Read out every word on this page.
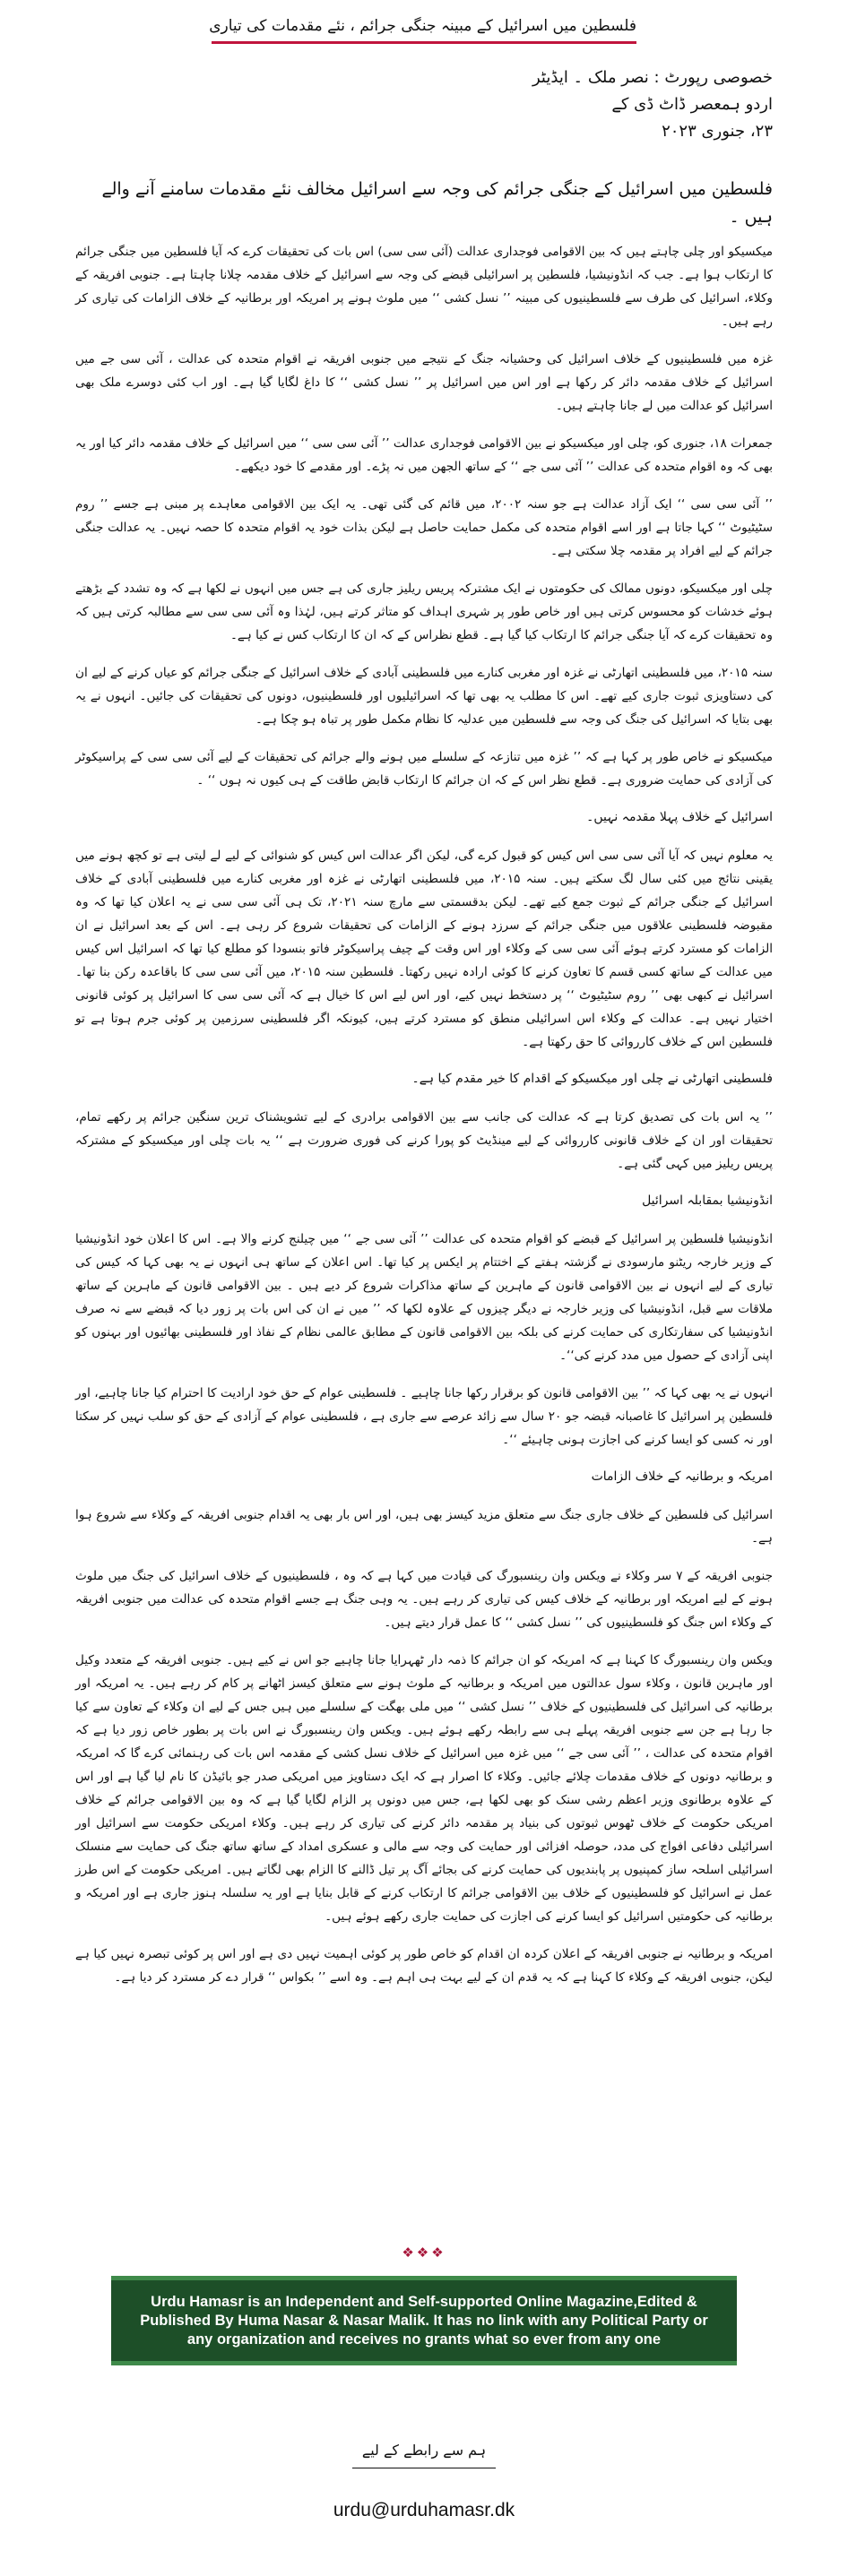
فلسطین میں اسرائیل کے مبینہ جنگی جرائم ، نئے مقدمات کی تیاری
خصوصی رپورٹ : نصر ملک ۔ ایڈیٹر
اردو ہمعصر ڈاٹ ڈی کے
۲۳، جنوری ۲۰۲۳
فلسطین میں اسرائیل کے جنگی جرائم کی وجہ سے اسرائیل مخالف نئے مقدمات سامنے آنے والے ہیں ۔

میکسیکو اور چلی چاہتے ہیں کہ بین الاقوامی فوجداری عدالت (آئی سی سی) اس بات کی تحقیقات کرے کہ آیا فلسطین میں جنگی جرائم کا ارتکاب ہوا ہے۔ جب کہ انڈونیشیا، فلسطین پر اسرائیلی قبضے کی وجہ سے اسرائیل کے خلاف مقدمہ چلانا چاہتا ہے۔ جنوبی افریقہ کے وکلاء، اسرائیل کی طرف سے فلسطینیوں کی مبینہ ’’ نسل کشی ‘‘ میں ملوث ہونے پر امریکہ اور برطانیہ کے خلاف الزامات کی تیاری کر رہے ہیں۔

غزہ میں فلسطینیوں کے خلاف اسرائیل کی وحشیانہ جنگ کے نتیجے میں جنوبی افریقہ نے اقوام متحدہ کی عدالت ، آئی سی جے میں اسرائیل کے خلاف مقدمہ دائر کر رکھا ہے اور اس میں اسرائیل پر ’’ نسل کشی ‘‘ کا داغ لگایا گیا ہے۔ اور اب کئی دوسرے ملک بھی اسرائیل کو عدالت میں لے جانا چاہتے ہیں۔

جمعرات ۱۸، جنوری کو، چلی اور میکسیکو نے بین الاقوامی فوجداری عدالت ’’ آئی سی سی ‘‘ میں اسرائیل کے خلاف مقدمہ دائر کیا اور یہ بھی کہ وہ اقوام متحدہ کی عدالت ’’ آئی سی جے ‘‘ کے ساتھ الجھن میں نہ پڑے۔ اور مقدمے کا خود دیکھے۔

’’ آئی سی سی ‘‘ ایک آزاد عدالت ہے جو سنہ ۲۰۰۲، میں قائم کی گئی تھی۔ یہ ایک بین الاقوامی معاہدے پر مبنی ہے جسے ’’ روم سٹیٹیوٹ ‘‘ کہا جاتا ہے اور اسے اقوام متحدہ کی مکمل حمایت حاصل ہے لیکن بذات خود یہ اقوام متحدہ کا حصہ نہیں۔ یہ عدالت جنگی جرائم کے لیے افراد پر مقدمہ چلا سکتی ہے۔

چلی اور میکسیکو، دونوں ممالک کی حکومتوں نے ایک مشترکہ پریس ریلیز جاری کی ہے جس میں انہوں نے لکھا ہے کہ وہ تشدد کے بڑھتے ہوئے خدشات کو محسوس کرتی ہیں اور خاص طور پر شہری اہداف کو متاثر کرتے ہیں، لہٰذا وہ آئی سی سی سے مطالبہ کرتی ہیں کہ وہ تحقیقات کرے کہ آیا جنگی جرائم کا ارتکاب کیا گیا ہے۔ قطع نظراس کے کہ ان کا ارتکاب کس نے کیا ہے۔

سنہ ۲۰۱۵، میں فلسطینی اتھارٹی نے غزہ اور مغربی کنارے میں فلسطینی آبادی کے خلاف اسرائیل کے جنگی جرائم کو عیاں کرنے کے لیے ان کی دستاویزی ثبوت جاری کیے تھے۔ اس کا مطلب یہ بھی تھا کہ اسرائیلیوں اور فلسطینیوں، دونوں کی تحقیقات کی جائیں۔ انہوں نے یہ بھی بتایا کہ اسرائیل کی جنگ کی وجہ سے فلسطین میں عدلیہ کا نظام مکمل طور پر تباہ ہو چکا ہے۔

میکسیکو نے خاص طور پر کہا ہے کہ ’’ غزہ میں تنازعہ کے سلسلے میں ہونے والے جرائم کی تحقیقات کے لیے آئی سی سی کے پراسیکوٹر کی آزادی کی حمایت ضروری ہے۔ قطع نظر اس کے کہ ان جرائم کا ارتکاب قابض طاقت کے ہی کیوں نہ ہوں ‘‘ ۔

اسرائیل کے خلاف پہلا مقدمہ نہیں۔

یہ معلوم نہیں کہ آیا آئی سی سی اس کیس کو قبول کرے گی، لیکن اگر عدالت اس کیس کو شنوائی کے لیے لے لیتی ہے تو کچھ ہونے میں یقینی نتائج میں کئی سال لگ سکتے ہیں۔ سنہ ۲۰۱۵، میں فلسطینی اتھارٹی نے غزہ اور مغربی کنارے میں فلسطینی آبادی کے خلاف اسرائیل کے جنگی جرائم کے ثبوت جمع کیے تھے۔ لیکن بدقسمتی سے مارچ سنہ ۲۰۲۱، تک ہی آئی سی سی نے یہ اعلان کیا تھا کہ وہ مقبوضہ فلسطینی علاقوں میں جنگی جرائم کے سرزد ہونے کے الزامات کی تحقیقات شروع کر رہی ہے۔ اس کے بعد اسرائیل نے ان الزامات کو مسترد کرتے ہوئے آئی سی سی کے وکلاء اور اس وقت کے چیف پراسیکوٹر فاتو بنسودا کو مطلع کیا تھا کہ اسرائیل اس کیس میں عدالت کے ساتھ کسی قسم کا تعاون کرنے کا کوئی ارادہ نہیں رکھتا۔ فلسطین سنہ ۲۰۱۵، میں آئی سی سی کا باقاعدہ رکن بنا تھا۔ اسرائیل نے کبھی بھی ’’ روم سٹیٹیوٹ ‘‘ پر دستخط نہیں کیے، اور اس لیے اس کا خیال ہے کہ آئی سی سی کا اسرائیل پر کوئی قانونی اختیار نہیں ہے۔ عدالت کے وکلاء اس اسرائیلی منطق کو مسترد کرتے ہیں، کیونکہ اگر فلسطینی سرزمین پر کوئی جرم ہوتا ہے تو فلسطین اس کے خلاف کارروائی کا حق رکھتا ہے۔

فلسطینی اتھارٹی نے چلی اور میکسیکو کے اقدام کا خیر مقدم کیا ہے۔

’’ یہ اس بات کی تصدیق کرتا ہے کہ عدالت کی جانب سے بین الاقوامی برادری کے لیے تشویشناک ترین سنگین جرائم پر رکھے تمام، تحقیقات اور ان کے خلاف قانونی کارروائی کے لیے مینڈیٹ کو پورا کرنے کی فوری ضرورت ہے ‘‘ یہ بات چلی اور میکسیکو کے مشترکہ پریس ریلیز میں کہی گئی ہے۔

انڈونیشیا بمقابلہ اسرائیل

انڈونیشیا فلسطین پر اسرائیل کے قبضے کو اقوام متحدہ کی عدالت ’’ آئی سی جے ‘‘ میں چیلنج کرنے والا ہے۔ اس کا اعلان خود انڈونیشیا کے وزیر خارجہ ریٹنو مارسودی نے گزشتہ ہفتے کے اختتام پر ایکس پر کیا تھا۔ اس اعلان کے ساتھ ہی انہوں نے یہ بھی کہا کہ کیس کی تیاری کے لیے انہوں نے بین الاقوامی قانون کے ماہرین کے ساتھ مذاکرات شروع کر دیے ہیں ۔ بین الاقوامی قانون کے ماہرین کے ساتھ ملاقات سے قبل، انڈونیشیا کی وزیر خارجہ نے دیگر چیزوں کے علاوہ لکھا کہ ’’ میں نے ان کی اس بات پر زور دیا کہ قبضے سے نہ صرف انڈونیشیا کی سفارتکاری کی حمایت کرنے کی بلکہ بین الاقوامی قانون کے مطابق عالمی نظام کے نفاذ اور فلسطینی بھائیوں اور بہنوں کو اپنی آزادی کے حصول میں مدد کرنے کی‘‘۔

انہوں نے یہ بھی کہا کہ ’’ بین الاقوامی قانون کو برقرار رکھا جانا چاہیے ۔ فلسطینی عوام کے حق خود ارادیت کا احترام کیا جانا چاہیے، اور فلسطین پر اسرائیل کا غاصبانہ قبضہ جو ۲۰ سال سے زائد عرصے سے جاری ہے ، فلسطینی عوام کے آزادی کے حق کو سلب نہیں کر سکتا اور نہ کسی کو ایسا کرنے کی اجازت ہونی چاہیئے ‘‘۔

امریکہ و برطانیہ کے خلاف الزامات

اسرائیل کی فلسطین کے خلاف جاری جنگ سے متعلق مزید کیسز بھی ہیں، اور اس بار بھی یہ اقدام جنوبی افریقہ کے وکلاء سے شروع ہوا ہے۔

جنوبی افریقہ کے ۷ سر وکلاء نے ویکس وان رینسبورگ کی قیادت میں کہا ہے کہ وہ ، فلسطینیوں کے خلاف اسرائیل کی جنگ میں ملوث ہونے کے لیے امریکہ اور برطانیہ کے خلاف کیس کی تیاری کر رہے ہیں۔ یہ وہی جنگ ہے جسے اقوام متحدہ کی عدالت میں جنوبی افریقہ کے وکلاء اس جنگ کو فلسطینیوں کی ’’ نسل کشی ‘‘ کا عمل قرار دیتے ہیں۔

ویکس وان رینسبورگ کا کہنا ہے کہ امریکہ کو ان جرائم کا ذمہ دار ٹھہرایا جانا چاہیے جو اس نے کیے ہیں۔ جنوبی افریقہ کے متعدد وکیل اور ماہرین قانون ، وکلاء سول عدالتوں میں امریکہ و برطانیہ کے ملوث ہونے سے متعلق کیسز اٹھانے پر کام کر رہے ہیں۔ یہ امریکہ اور برطانیہ کی اسرائیل کی فلسطینیوں کے خلاف ’’ نسل کشی ‘‘ میں ملی بھگت کے سلسلے میں ہیں جس کے لیے ان وکلاء کے تعاون سے کیا جا رہا ہے جن سے جنوبی افریقہ پہلے ہی سے رابطہ رکھے ہوئے ہیں۔ ویکس وان رینسبورگ نے اس بات پر بطور خاص زور دیا ہے کہ اقوام متحدہ کی عدالت ، ’’ آئی سی جے ‘‘ میں غزہ میں اسرائیل کے خلاف نسل کشی کے مقدمہ اس بات کی رہنمائی کرے گا کہ امریکہ و برطانیہ دونوں کے خلاف مقدمات چلائے جائیں۔ وکلاء کا اصرار ہے کہ ایک دستاویز میں امریکی صدر جو بائیڈن کا نام لیا گیا ہے اور اس کے علاوہ برطانوی وزیر اعظم رشی سنک کو بھی لکھا ہے، جس میں دونوں پر الزام لگایا گیا ہے کہ وہ بین الاقوامی جرائم کے خلاف امریکی حکومت کے خلاف ٹھوس ثبوتوں کی بنیاد پر مقدمہ دائر کرنے کی تیاری کر رہے ہیں۔ وکلاء امریکی حکومت سے اسرائیل اور اسرائیلی دفاعی افواج کی مدد، حوصلہ افزائی اور حمایت کی وجہ سے مالی و عسکری امداد کے ساتھ ساتھ جنگ کی حمایت سے منسلک اسرائیلی اسلحہ ساز کمپنیوں پر پابندیوں کی حمایت کرنے کی بجائے آگ پر تیل ڈالنے کا الزام بھی لگاتے ہیں۔ امریکی حکومت کے اس طرز عمل نے اسرائیل کو فلسطینیوں کے خلاف بین الاقوامی جرائم کا ارتکاب کرنے کے قابل بنایا ہے اور یہ سلسلہ ہنوز جاری ہے اور امریکہ و برطانیہ کی حکومتیں اسرائیل کو ایسا کرنے کی اجازت کی حمایت جاری رکھے ہوئے ہیں۔

امریکہ و برطانیہ نے جنوبی افریقہ کے اعلان کردہ ان اقدام کو خاص طور پر کوئی اہمیت نہیں دی ہے اور اس پر کوئی تبصرہ نہیں کیا ہے لیکن، جنوبی افریقہ کے وکلاء کا کہنا ہے کہ یہ قدم ان کے لیے بہت ہی اہم ہے۔ وہ اسے ’’ بکواس ‘‘ قرار دے کر مسترد کر دیا ہے۔

❖❖❖
Urdu Hamasr is an Independent and Self-supported Online Magazine,Edited & Published By Huma Nasar & Nasar Malik. It has no link with any Political Party or any organization and receives no grants what so ever from any one
ہم سے رابطے کے لیے
urdu@urduhamasr.dk
